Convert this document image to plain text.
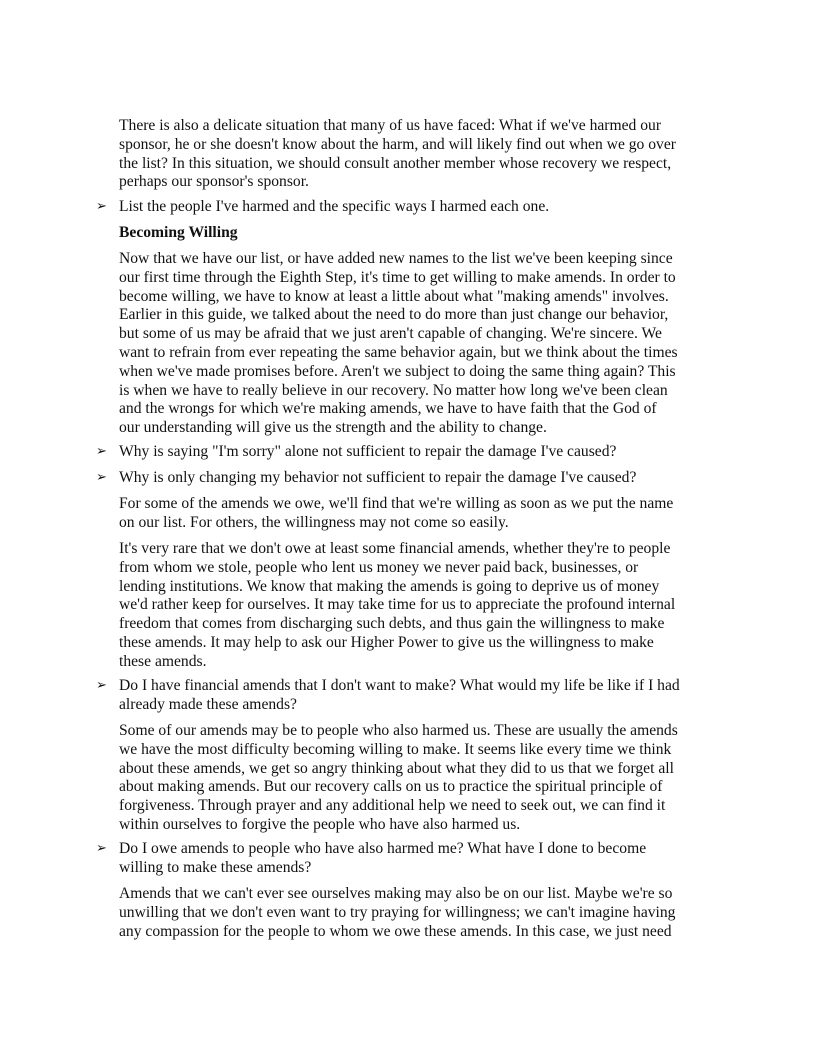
There is also a delicate situation that many of us have faced: What if we've harmed our
sponsor, he or she doesn't know about the harm, and will likely find out when we go over
the list? In this situation, we should consult another member whose recovery we respect,
perhaps our sponsor's sponsor.

➢ List the people I've harmed and the specific ways I harmed each one.

Becoming Willing

Now that we have our list, or have added new names to the list we've been keeping since
our first time through the Eighth Step, it's time to get willing to make amends. In order to
become willing, we have to know at least a little about what "making amends" involves.
Earlier in this guide, we talked about the need to do more than just change our behavior,
but some of us may be afraid that we just aren't capable of changing. We're sincere. We
want to refrain from ever repeating the same behavior again, but we think about the times
when we've made promises before. Aren't we subject to doing the same thing again? This
is when we have to really believe in our recovery. No matter how long we've been clean
and the wrongs for which we're making amends, we have to have faith that the God of
our understanding will give us the strength and the ability to change.

➢ Why is saying "I'm sorry" alone not sufficient to repair the damage I've caused?

➢ Why is only changing my behavior not sufficient to repair the damage I've caused?

For some of the amends we owe, we'll find that we're willing as soon as we put the name
on our list. For others, the willingness may not come so easily.

It's very rare that we don't owe at least some financial amends, whether they're to people
from whom we stole, people who lent us money we never paid back, businesses, or
lending institutions. We know that making the amends is going to deprive us of money
we'd rather keep for ourselves. It may take time for us to appreciate the profound internal
freedom that comes from discharging such debts, and thus gain the willingness to make
these amends. It may help to ask our Higher Power to give us the willingness to make
these amends.

➢ Do I have financial amends that I don't want to make? What would my life be like if I had
already made these amends?

Some of our amends may be to people who also harmed us. These are usually the amends
we have the most difficulty becoming willing to make. It seems like every time we think
about these amends, we get so angry thinking about what they did to us that we forget all
about making amends. But our recovery calls on us to practice the spiritual principle of
forgiveness. Through prayer and any additional help we need to seek out, we can find it
within ourselves to forgive the people who have also harmed us.

➢ Do I owe amends to people who have also harmed me? What have I done to become
willing to make these amends?

Amends that we can't ever see ourselves making may also be on our list. Maybe we're so
unwilling that we don't even want to try praying for willingness; we can't imagine having
any compassion for the people to whom we owe these amends. In this case, we just need
